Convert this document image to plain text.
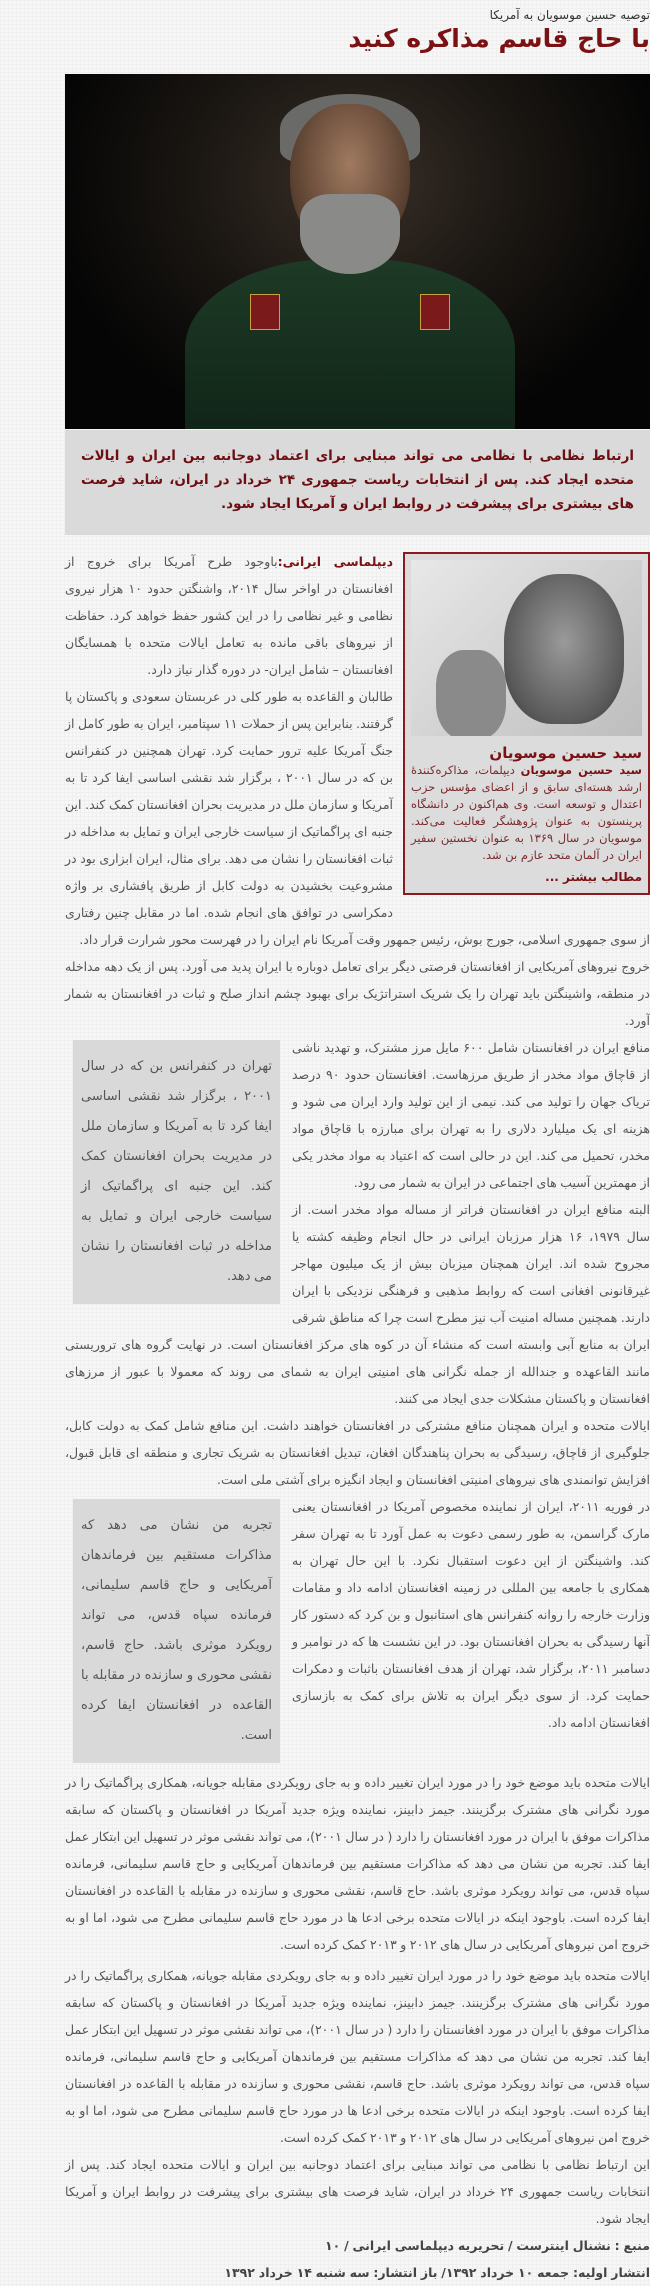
توصیه حسین موسویان به آمریکا
با حاج قاسم مذاکره کنید
ارتباط نظامی با نظامی می تواند مبنایی برای اعتماد دوجانبه بین ایران و ایالات متحده ایجاد کند. پس از انتخابات ریاست جمهوری ۲۴ خرداد در ایران، شاید فرصت های بیشتری برای پیشرفت در روابط ایران و آمریکا ایجاد شود.
سید حسین موسویان
سید حسین موسویان دیپلمات، مذاکره‌کننده‌ٔ ارشد هسته‌ای سابق و از اعضای مؤسس حزب اعتدال و توسعه است. وی هم‌اکنون در دانشگاه پرینستون به عنوان پژوهشگر فعالیت می‌کند. موسویان در سال ۱۳۶۹ به عنوان نخستین سفیر ایران در آلمان متحد عازم بن شد.
مطالب بیشتر ...

دیپلماسی ایرانی:باوجود طرح آمریکا برای خروج از افغانستان در اواخر سال ۲۰۱۴، واشنگتن حدود ۱۰ هزار نیروی نظامی و غیر نظامی را در این کشور حفظ خواهد کرد. حفاظت از نیروهای باقی مانده به تعامل ایالات متحده با همسایگان افغانستان – شامل ایران- در دوره گذار نیاز دارد.

طالبان و القاعده به طور کلی در عربستان سعودی و پاکستان پا گرفتند. بنابراین پس از حملات ۱۱ سپتامبر، ایران به طور کامل از جنگ آمریکا علیه ترور حمایت کرد. تهران همچنین در کنفرانس بن که در سال ۲۰۰۱ ، برگزار شد نقشی اساسی ایفا کرد تا به آمریکا و سازمان ملل در مدیریت بحران افغانستان کمک کند. این جنبه ای پراگماتیک از سیاست خارجی ایران و تمایل به مداخله در ثبات افغانستان را نشان می دهد. برای مثال، ایران ابزاری بود در مشروعیت بخشیدن به دولت کابل از طریق پافشاری بر واژه دمکراسی در توافق های انجام شده. اما در مقابل چنین رفتاری از سوی جمهوری اسلامی، جورج بوش، رئیس جمهور وقت آمریکا نام ایران را در فهرست محور شرارت قرار داد.

خروج نیروهای آمریکایی از افغانستان فرصتی دیگر برای تعامل دوباره با ایران پدید می آورد. پس از یک دهه مداخله در منطقه، واشینگتن باید تهران را یک شریک استراتژیک برای بهبود چشم انداز صلح و ثبات در افغانستان به شمار آورد.

تهران در کنفرانس بن که در سال ۲۰۰۱ ، برگزار شد نقشی اساسی ایفا کرد تا به آمریکا و سازمان ملل در مدیریت بحران افغانستان کمک کند. این جنبه ای پراگماتیک از سیاست خارجی ایران و تمایل به مداخله در ثبات افغانستان را نشان می دهد.

منافع ایران در افغانستان شامل ۶۰۰ مایل مرز مشترک، و تهدید ناشی از قاچاق مواد مخدر از طریق مرزهاست. افغانستان حدود ۹۰ درصد تریاک جهان را تولید می کند. نیمی از این تولید وارد ایران می شود و هزینه ای یک میلیارد دلاری را به تهران برای مبارزه با قاچاق مواد مخدر، تحمیل می کند. این در حالی است که اعتیاد به مواد مخدر یکی از مهمترین آسیب های اجتماعی در ایران به شمار می رود.

البته منافع ایران در افغانستان فراتر از مساله مواد مخدر است. از سال ۱۹۷۹، ۱۶ هزار مرزبان ایرانی در حال انجام وظیفه کشته یا مجروح شده اند. ایران همچنان میزبان بیش از یک میلیون مهاجر غیرقانونی افغانی است که روابط مذهبی و فرهنگی نزدیکی با ایران دارند. همچنین مساله امنیت آب نیز مطرح است چرا که مناطق شرقی ایران به منابع آبی وابسته است که منشاء آن در کوه های مرکز افغانستان است. در نهایت گروه های تروریستی مانند القاعهده و جندالله از جمله نگرانی های امنیتی ایران به شمای می روند که معمولا با عبور از مرزهای افغانستان و پاکستان مشکلات جدی ایجاد می کنند.

ایالات متحده و ایران همچنان منافع مشترکی در افغانستان خواهند داشت. این منافع شامل کمک به دولت کابل، جلوگیری از قاچاق، رسیدگی به بحران پناهندگان افغان، تبدیل افغانستان به شریک تجاری و منطقه ای قابل قبول، افزایش توانمندی های نیروهای امنیتی افغانستان و ایجاد انگیزه برای آشتی ملی است.

تجربه من نشان می دهد که مذاکرات مستقیم بین فرماندهان آمریکایی و حاج قاسم سلیمانی، فرمانده سپاه قدس، می تواند رویکرد موثری باشد. حاج قاسم، نقشی محوری و سازنده در مقابله با القاعده در افغانستان ایفا کرده است.

در فوریه ۲۰۱۱، ایران از نماینده مخصوص آمریکا در افغانستان یعنی مارک گراسمن، به طور رسمی دعوت به عمل آورد تا به تهران سفر کند. واشینگتن از این دعوت استقبال نکرد. با این حال تهران به همکاری با جامعه بین المللی در زمینه افغانستان ادامه داد و مقامات وزارت خارجه را روانه کنفرانس های استانبول و بن کرد که دستور کار آنها رسیدگی به بحران افغانستان بود. در این نشست ها که در نوامبر و دسامبر ۲۰۱۱، برگزار شد، تهران از هدف افغانستان باثبات و دمکرات حمایت کرد. از سوی دیگر ایران به تلاش برای کمک به بازسازی افغانستان ادامه داد.

ایالات متحده باید موضع خود را در مورد ایران تغییر داده و به جای رویکردی مقابله جویانه، همکاری پراگماتیک را در مورد نگرانی های مشترک برگزینند. جیمز دابینز، نماینده ویژه جدید آمریکا در افغانستان و پاکستان که سابقه مذاکرات موفق با ایران در مورد افغانستان را دارد ( در سال ۲۰۰۱)، می تواند نقشی موثر در تسهیل این ابتکار عمل ایفا کند. تجربه من نشان می دهد که مذاکرات مستقیم بین فرماندهان آمریکایی و حاج قاسم سلیمانی، فرمانده سپاه قدس، می تواند رویکرد موثری باشد. حاج قاسم، نقشی محوری و سازنده در مقابله با القاعده در افغانستان ایفا کرده است. باوجود اینکه در ایالات متحده برخی ادعا ها در مورد حاج قاسم سلیمانی مطرح می شود، اما او به خروج امن نیروهای آمریکایی در سال های ۲۰۱۲ و ۲۰۱۳ کمک کرده است.

ایالات متحده باید موضع خود را در مورد ایران تغییر داده و به جای رویکردی مقابله جویانه، همکاری پراگماتیک را در مورد نگرانی های مشترک برگزینند. جیمز دابینز، نماینده ویژه جدید آمریکا در افغانستان و پاکستان که سابقه مذاکرات موفق با ایران در مورد افغانستان را دارد ( در سال ۲۰۰۱)، می تواند نقشی موثر در تسهیل این ابتکار عمل ایفا کند. تجربه من نشان می دهد که مذاکرات مستقیم بین فرماندهان آمریکایی و حاج قاسم سلیمانی، فرمانده سپاه قدس، می تواند رویکرد موثری باشد. حاج قاسم، نقشی محوری و سازنده در مقابله با القاعده در افغانستان ایفا کرده است. باوجود اینکه در ایالات متحده برخی ادعا ها در مورد حاج قاسم سلیمانی مطرح می شود، اما او به خروج امن نیروهای آمریکایی در سال های ۲۰۱۲ و ۲۰۱۳ کمک کرده است.

این ارتباط نظامی با نظامی می تواند مبنایی برای اعتماد دوجانبه بین ایران و ایالات متحده ایجاد کند. پس از انتخابات ریاست جمهوری ۲۴ خرداد در ایران، شاید فرصت های بیشتری برای پیشرفت در روابط ایران و آمریکا ایجاد شود.

منبع : نشنال اینترست / تحریریه دیپلماسی ایرانی / ۱۰

انتشار اولیه: جمعه ۱۰ خرداد ۱۳۹۲/ باز انتشار: سه شنبه ۱۴ خرداد ۱۳۹۲
